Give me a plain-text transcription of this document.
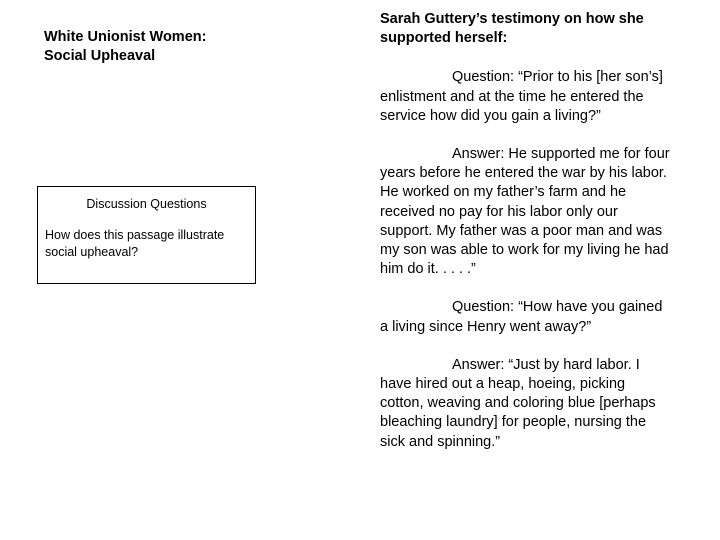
White Unionist Women:
Social Upheaval
Discussion Questions
How does this passage illustrate social upheaval?
Sarah Guttery’s testimony on how she supported herself:
Question: “Prior to his [her son’s] enlistment and at the time he entered the service how did you gain a living?”
Answer: He supported me for four years before he entered the war by his labor. He worked on my father’s farm and he received no pay for his labor only our support. My father was a poor man and was my son was able to work for my living he had him do it. . . . .”
Question: “How have you gained a living since Henry went away?”
Answer: “Just by hard labor. I have hired out a heap, hoeing, picking cotton, weaving and coloring blue [perhaps bleaching laundry] for people, nursing the sick and spinning.”
